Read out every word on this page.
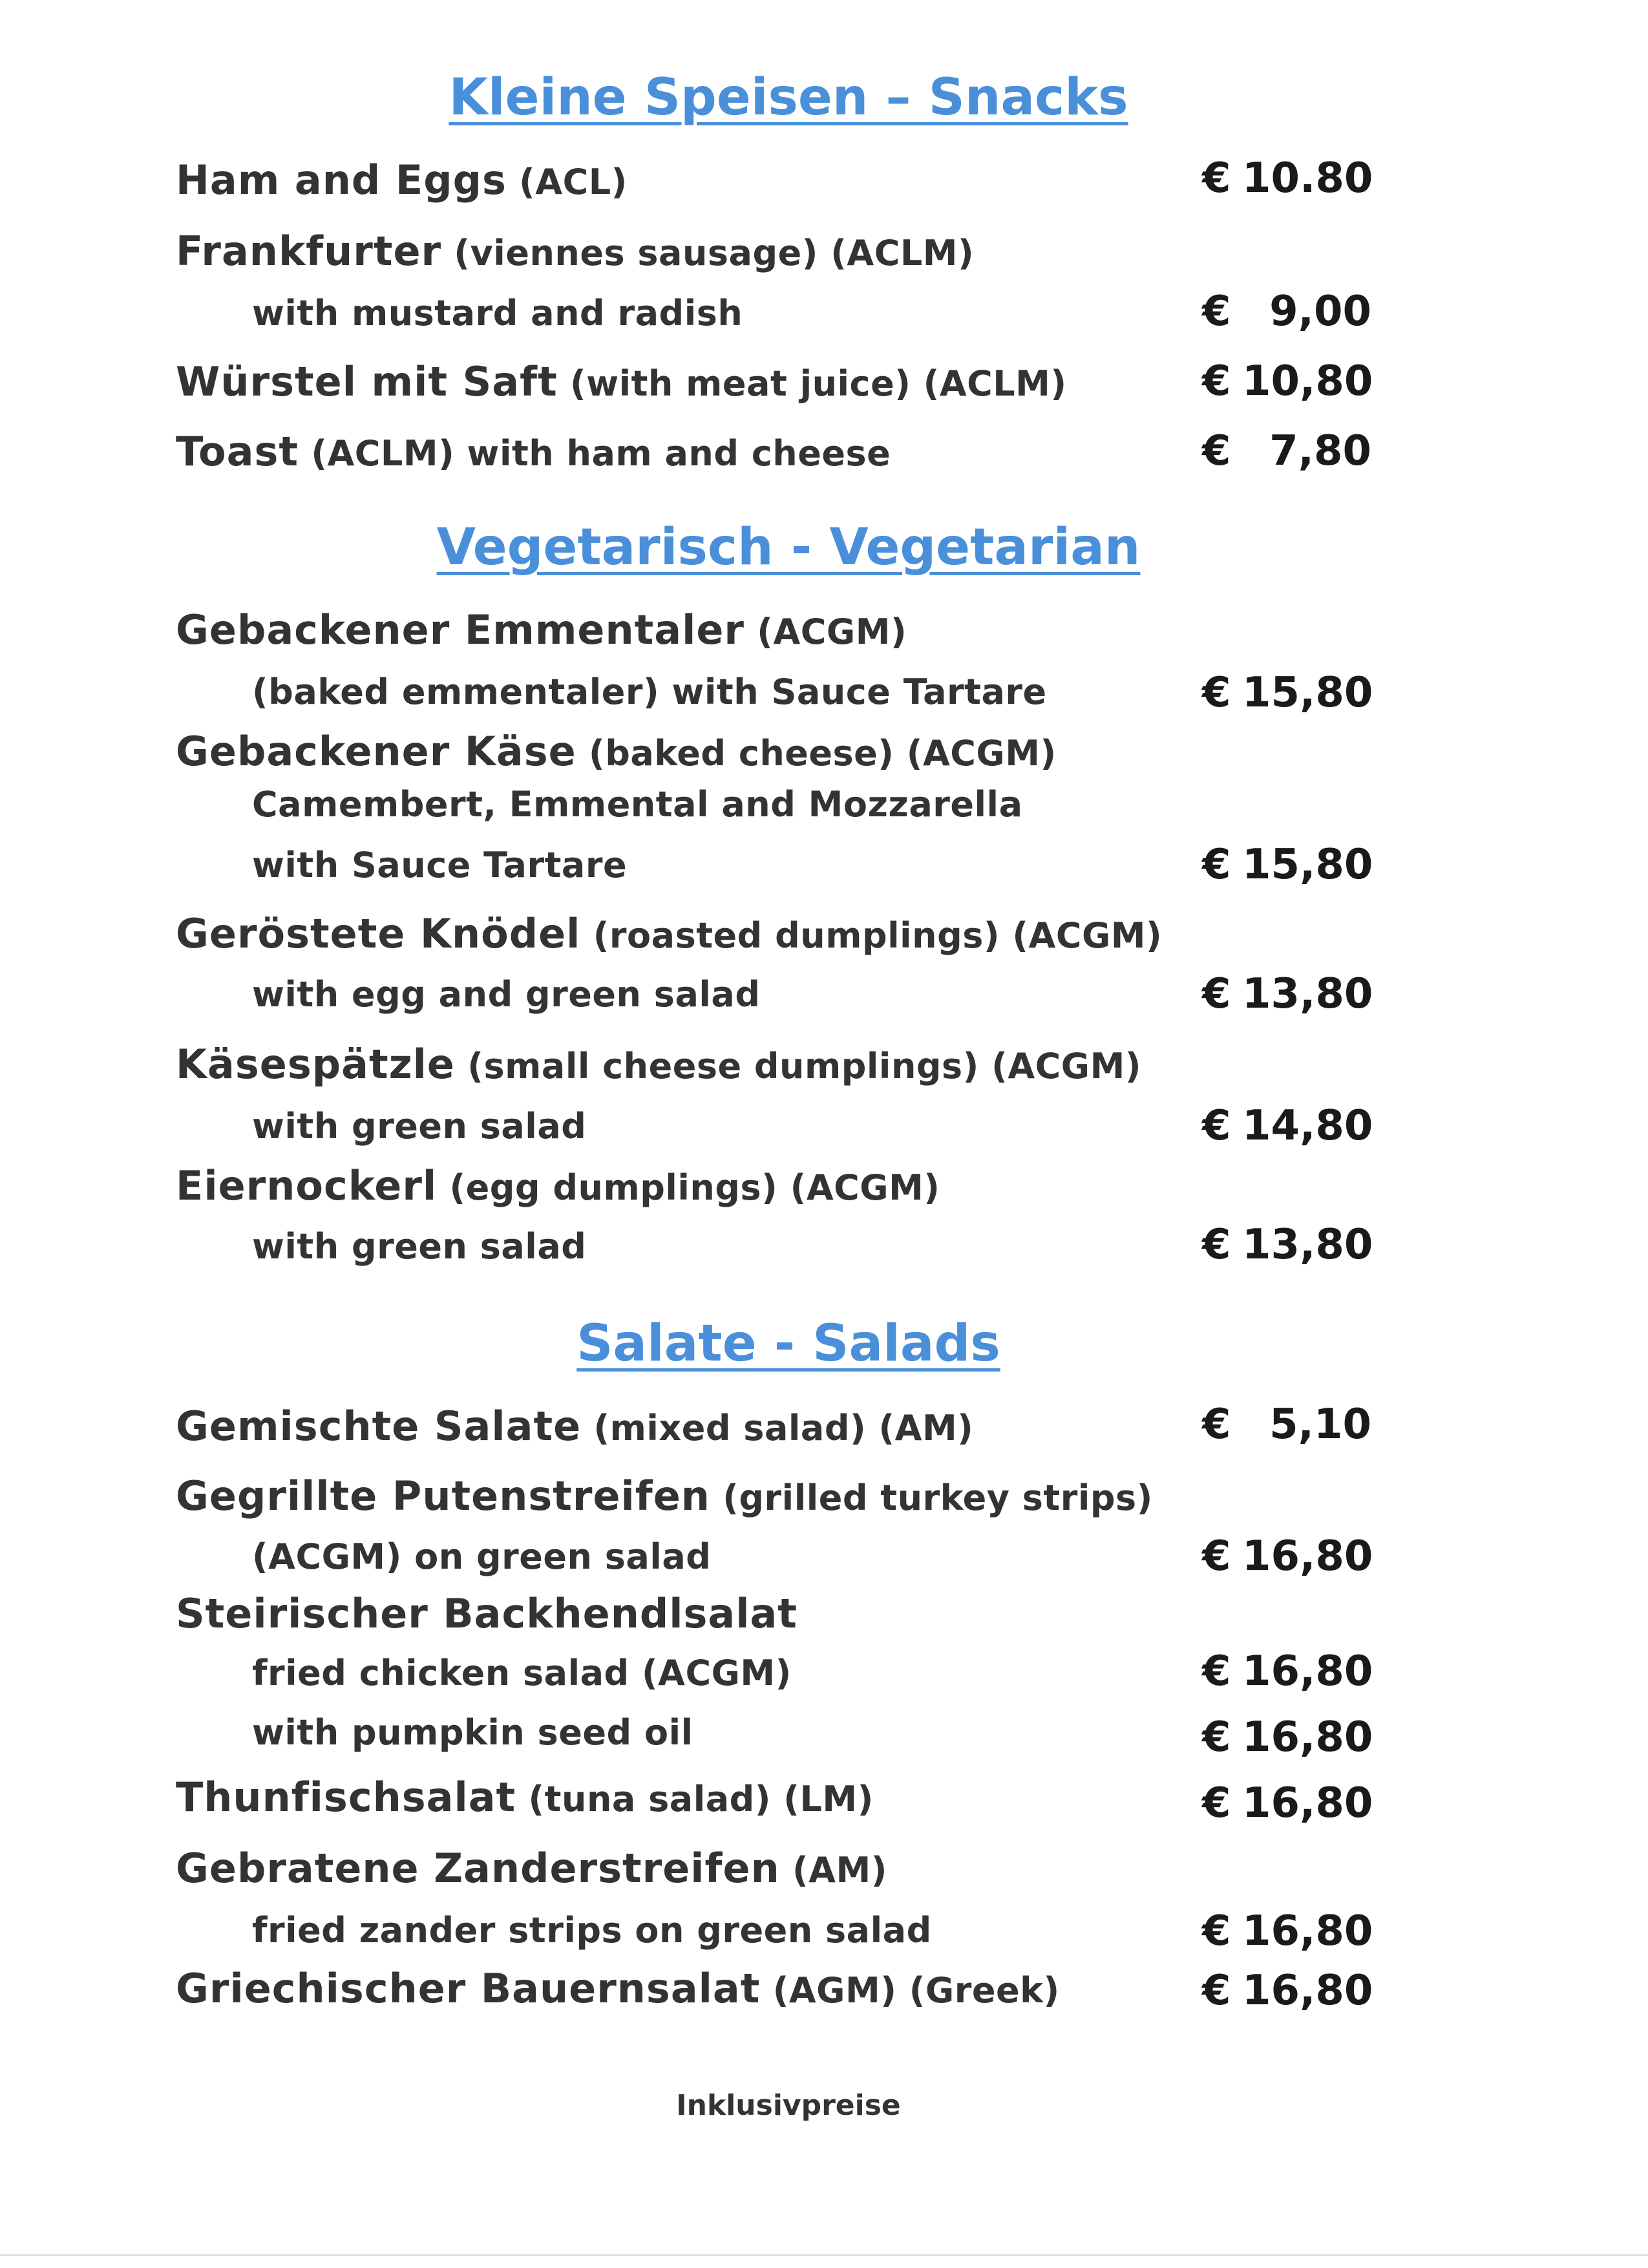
Kleine Speisen – Snacks
Ham and Eggs (ACL)	€ 10.80
Frankfurter (viennes sausage) (ACLM)
with mustard and radish	€ 9,00
Würstel mit Saft (with meat juice) (ACLM)	€ 10,80
Toast (ACLM) with ham and cheese	€ 7,80
Vegetarisch - Vegetarian
Gebackener Emmentaler (ACGM)
(baked emmentaler) with Sauce Tartare	€ 15,80
Gebackener Käse (baked cheese) (ACGM)
Camembert, Emmental and Mozzarella
with Sauce Tartare	€ 15,80
Geröstete Knödel (roasted dumplings) (ACGM)
with egg and green salad	€ 13,80
Käsespätzle (small cheese dumplings) (ACGM)
with green salad	€ 14,80
Eiernockerl (egg dumplings) (ACGM)
with green salad	€ 13,80
Salate - Salads
Gemischte Salate (mixed salad) (AM)	€ 5,10
Gegrillte Putenstreifen (grilled turkey strips)
(ACGM) on green salad	€ 16,80
Steirischer Backhendlsalat
fried chicken salad (ACGM)	€ 16,80
with pumpkin seed oil	€ 16,80
Thunfischsalat (tuna salad) (LM)	€ 16,80
Gebratene Zanderstreifen (AM)
fried zander strips on green salad	€ 16,80
Griechischer Bauernsalat (AGM) (Greek)	€ 16,80
Inklusivpreise
